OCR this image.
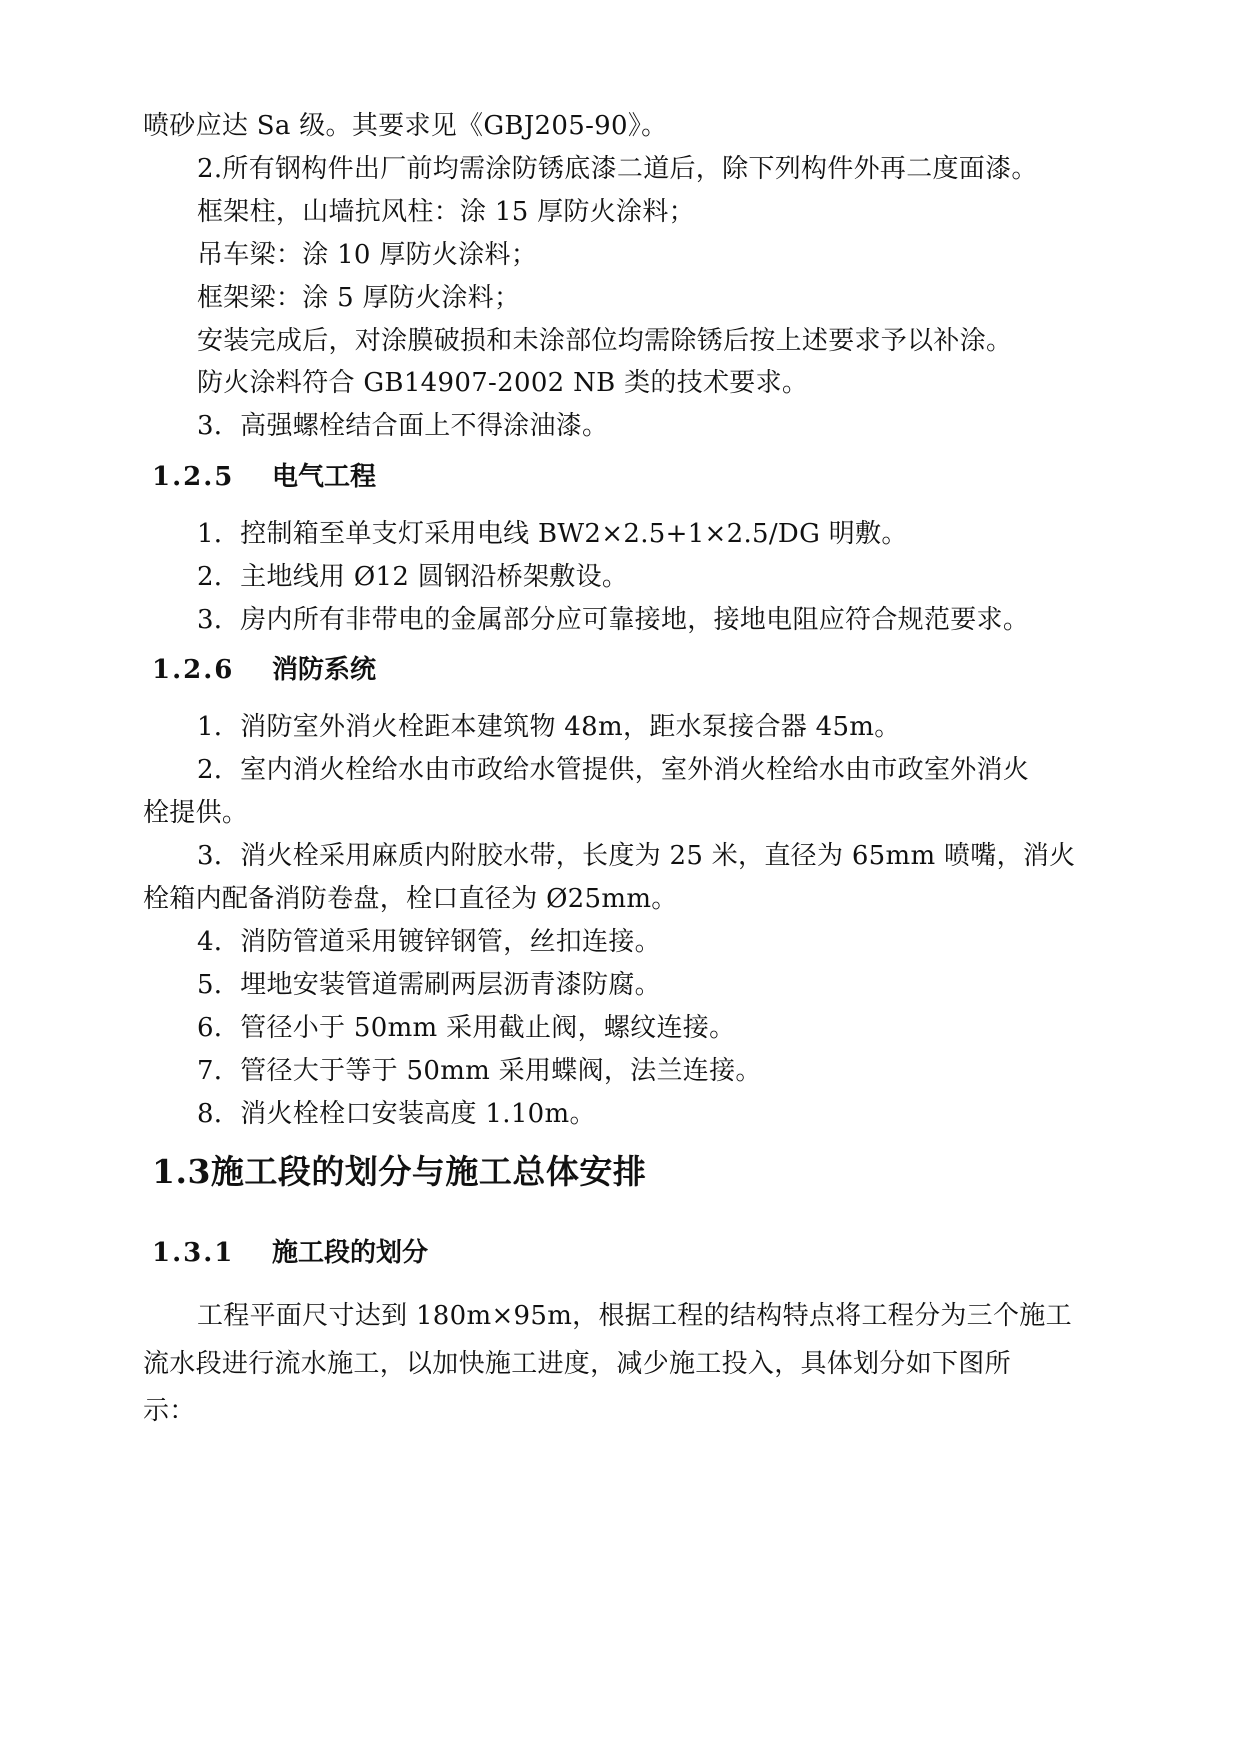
喷砂应达 Sa 级。其要求见《GBJ205-90》。
2.所有钢构件出厂前均需涂防锈底漆二道后，除下列构件外再二度面漆。
框架柱，山墙抗风柱：涂 15 厚防火涂料；
吊车梁：涂 10 厚防火涂料；
框架梁：涂 5 厚防火涂料；
安装完成后，对涂膜破损和未涂部位均需除锈后按上述要求予以补涂。
防火涂料符合 GB14907-2002 NB 类的技术要求。
3．高强螺栓结合面上不得涂油漆。
1.2.5 电气工程
1．控制箱至单支灯采用电线 BW2×2.5+1×2.5/DG 明敷。
2．主地线用 Ø12 圆钢沿桥架敷设。
3．房内所有非带电的金属部分应可靠接地，接地电阻应符合规范要求。
1.2.6 消防系统
1．消防室外消火栓距本建筑物 48m，距水泵接合器 45m。
2．室内消火栓给水由市政给水管提供，室外消火栓给水由市政室外消火
栓提供。
3．消火栓采用麻质内附胶水带，长度为 25 米，直径为 65mm 喷嘴，消火
栓箱内配备消防卷盘，栓口直径为 Ø25mm。
4．消防管道采用镀锌钢管，丝扣连接。
5．埋地安装管道需刷两层沥青漆防腐。
6．管径小于 50mm 采用截止阀，螺纹连接。
7．管径大于等于 50mm 采用蝶阀，法兰连接。
8．消火栓栓口安装高度 1.10m。
1.3施工段的划分与施工总体安排
1.3.1 施工段的划分
工程平面尺寸达到 180m×95m，根据工程的结构特点将工程分为三个施工
流水段进行流水施工，以加快施工进度，减少施工投入，具体划分如下图所
示：
